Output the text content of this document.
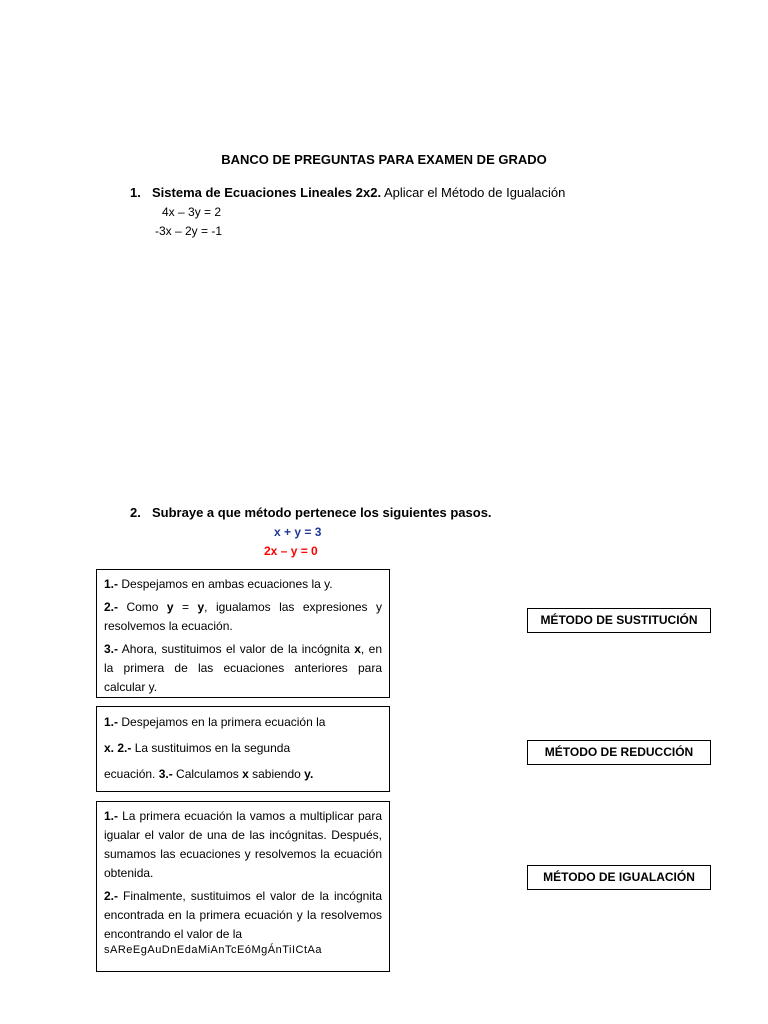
BANCO DE PREGUNTAS PARA EXAMEN DE GRADO
1. Sistema de Ecuaciones Lineales 2x2. Aplicar el Método de Igualación
4x – 3y = 2
-3x – 2y = -1
2. Subraye a que método pertenece los siguientes pasos.
x + y = 3
2x – y = 0

1.- Despejamos en ambas ecuaciones la y.

2.- Como y = y, igualamos las expresiones y resolvemos la ecuación.

3.- Ahora, sustituimos el valor de la incógnita x, en la primera de las ecuaciones anteriores para calcular y.

1.- Despejamos en la primera ecuación la
x. 2.- La sustituimos en la segunda
ecuación. 3.- Calculamos x sabiendo y.

1.- La primera ecuación la vamos a multiplicar para igualar el valor de una de las incógnitas. Después, sumamos las ecuaciones y resolvemos la ecuación obtenida.

2.- Finalmente, sustituimos el valor de la incógnita encontrada en la primera ecuación y la resolvemos encontrando el valor de la

sAReEgAuDnEdaMiAnTcEóMgÁnTiICtAa
MÉTODO DE SUSTITUCIÓN
MÉTODO DE REDUCCIÓN
MÉTODO DE IGUALACIÓN
